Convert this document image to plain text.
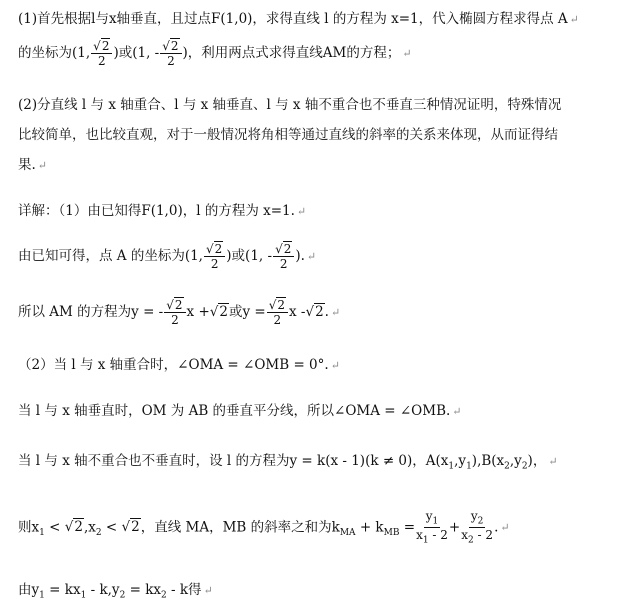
(1)首先根据l与x轴垂直，且过点F(1,0)，求得直线 l 的方程为 x=1，代入椭圆方程求得点 A ↵
的坐标为(1, $\frac{√2}{2}$ )或(1, - $\frac{√2}{2}$ )，利用两点式求得直线AM的方程； ↵
(2)分直线 l 与 x 轴重合、l 与 x 轴垂直、l 与 x 轴不重合也不垂直三种情况证明，特殊情况
比较简单，也比较直观，对于一般情况将角相等通过直线的斜率的关系来体现，从而证得结
果. ↵
详解：（1）由已知得F(1,0)，l 的方程为 x=1. ↵
由已知可得，点 A 的坐标为(1, $\frac{√2}{2}$ )或(1, - $\frac{√2}{2}$ ). ↵
所以 AM 的方程为y = - $\frac{√2}{2}$ x +√2或$y = \frac{√2}{2}$ x -√2. ↵
（2）当 l 与 x 轴重合时，∠OMA = ∠OMB = 0°. ↵
当 l 与 x 轴垂直时，OM 为 AB 的垂直平分线，所以∠OMA = ∠OMB. ↵
当 l 与 x 轴不重合也不垂直时，设 l 的方程为y = k(x - 1)(k ≠ 0)，$A(x_1,y_1),B(x_2,y_2)$， ↵
则$x_1 < √2,x_2 < √2$，直线 MA，MB 的斜率之和为$k_{MA} + k_{MB} = \frac{y_1}{x_1 - 2} + \frac{y_2}{x_2 - 2}$ . ↵
由$y_1 = kx_1 - k,y_2 = kx_2 - k$得 ↵
